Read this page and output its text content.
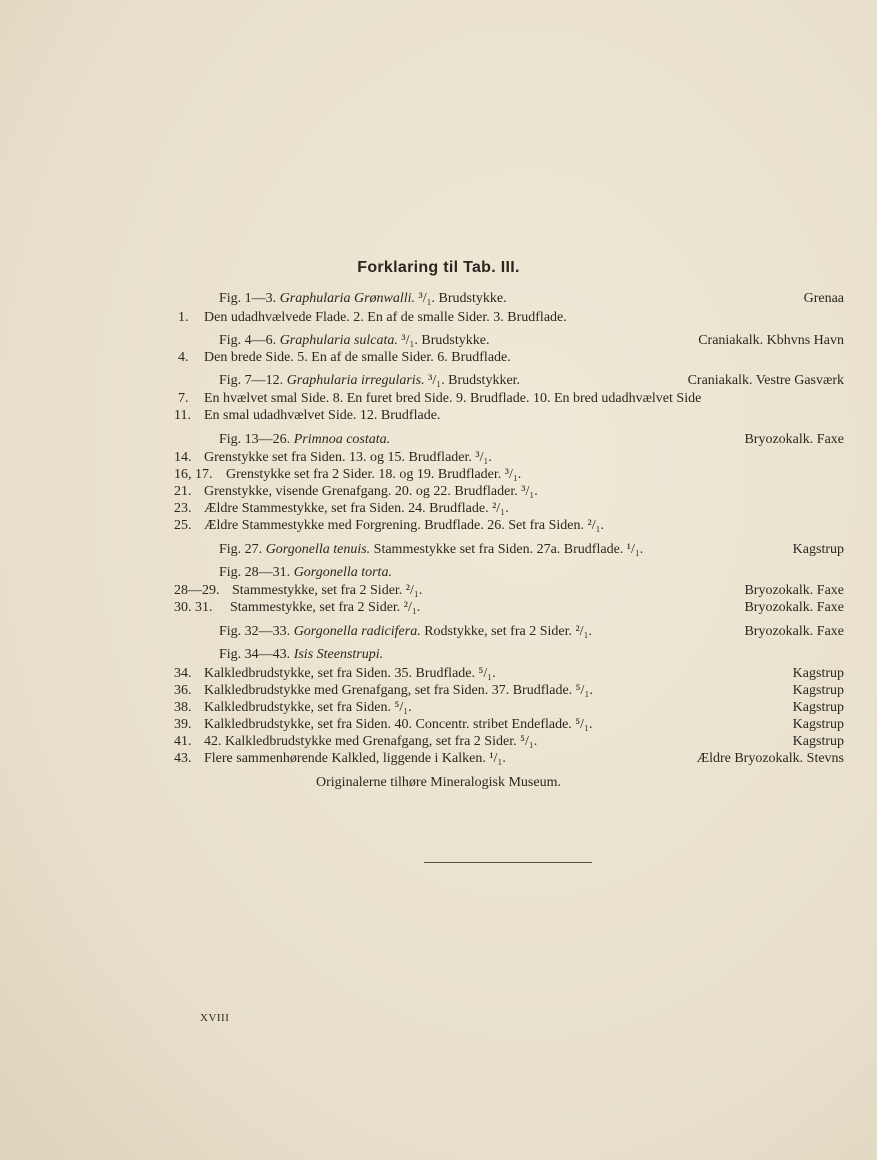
Forklaring til Tab. III.
Fig. 1—3. Graphularia Grønwalli. ³/₁. Brudstykke.	Grenaa
1. Den udadhvælvede Flade. 2. En af de smalle Sider. 3. Brudflade.
Fig. 4—6. Graphularia sulcata. ³/₁. Brudstykke.	Craniakalk. Kbhvns Havn
4. Den brede Side. 5. En af de smalle Sider. 6. Brudflade.
Fig. 7—12. Graphularia irregularis. ³/₁. Brudstykker.	Craniakalk. Vestre Gasværk
7. En hvælvet smal Side. 8. En furet bred Side. 9. Brudflade. 10. En bred udadhvælvet Side
11. En smal udadhvælvet Side. 12. Brudflade.
Fig. 13—26. Primnoa costata.	Bryozokalk. Faxe
14. Grenstykke set fra Siden. 13. og 15. Brudflader. ³/₁.
16, 17. Grenstykke set fra 2 Sider. 18. og 19. Brudflader. ³/₁.
21. Grenstykke, visende Grenafgang. 20. og 22. Brudflader. ³/₁.
23. Ældre Stammestykke, set fra Siden. 24. Brudflade. ²/₁.
25. Ældre Stammestykke med Forgrening. Brudflade. 26. Set fra Siden. ²/₁.
Fig. 27. Gorgonella tenuis. Stammestykke set fra Siden. 27a. Brudflade. ¹/₁.	Kagstrup
Fig. 28—31. Gorgonella torta.
28—29. Stammestykke, set fra 2 Sider. ²/₁.	Bryozokalk. Faxe
30. 31. Stammestykke, set fra 2 Sider. ²/₁.	Bryozokalk. Faxe
Fig. 32—33. Gorgonella radicifera. Rodstykke, set fra 2 Sider. ²/₁.	Bryozokalk. Faxe
Fig. 34—43. Isis Steenstrupi.
34. Kalkledbrudstykke, set fra Siden. 35. Brudflade. ⁵/₁.	Kagstrup
36. Kalkledbrudstykke med Grenafgang, set fra Siden. 37. Brudflade. ⁵/₁.	Kagstrup
38. Kalkledbrudstykke, set fra Siden. ⁵/₁.	Kagstrup
39. Kalkledbrudstykke, set fra Siden. 40. Concentr. stribet Endeflade. ⁵/₁.	Kagstrup
41. 42. Kalkledbrudstykke med Grenafgang, set fra 2 Sider. ⁵/₁.	Kagstrup
43. Flere sammenhørende Kalkled, liggende i Kalken. ¹/₁.	Ældre Bryozokalk. Stevns
Originalerne tilhøre Mineralogisk Museum.
XVIII
